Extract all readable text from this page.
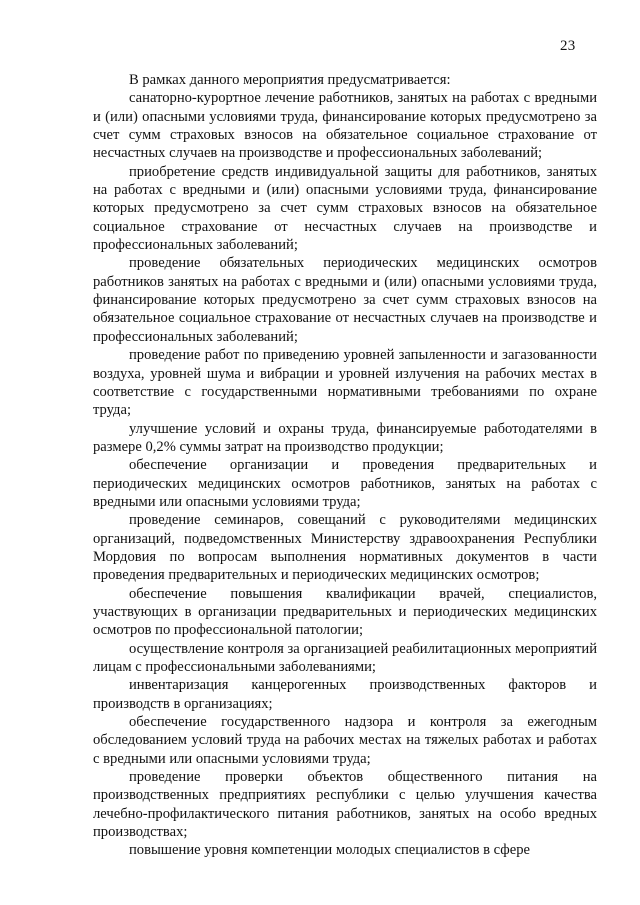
23

В рамках данного мероприятия предусматривается:

санаторно-курортное лечение работников, занятых на работах с вредными и (или) опасными условиями труда, финансирование которых предусмотрено за счет сумм страховых взносов на обязательное социальное страхование от несчастных случаев на производстве и профессиональных заболеваний;

приобретение средств индивидуальной защиты для работников, занятых на работах с вредными и (или) опасными условиями труда, финансирование которых предусмотрено за счет сумм страховых взносов на обязательное социальное страхование от несчастных случаев на производстве и профессиональных заболеваний;

проведение обязательных периодических медицинских осмотров работников занятых на работах с вредными и (или) опасными условиями труда, финансирование которых предусмотрено за счет сумм страховых взносов на обязательное социальное страхование от несчастных случаев на производстве и профессиональных заболеваний;

проведение работ по приведению уровней запыленности и загазованности воздуха, уровней шума и вибрации и уровней излучения на рабочих местах в соответствие с государственными нормативными требованиями по охране труда;

улучшение условий и охраны труда, финансируемые работодателями в размере 0,2% суммы затрат на производство продукции;

обеспечение организации и проведения предварительных и периодических медицинских осмотров работников, занятых на работах с вредными или опасными условиями труда;

проведение семинаров, совещаний с руководителями медицинских организаций, подведомственных Министерству здравоохранения Республики Мордовия по вопросам выполнения нормативных документов в части проведения предварительных и периодических медицинских осмотров;

обеспечение повышения квалификации врачей, специалистов, участвующих в организации предварительных и периодических медицинских осмотров по профессиональной патологии;

осуществление контроля за организацией реабилитационных мероприятий лицам с профессиональными заболеваниями;

инвентаризация канцерогенных производственных факторов и производств в организациях;

обеспечение государственного надзора и контроля за ежегодным обследованием условий труда на рабочих местах на тяжелых работах и работах с вредными или опасными условиями труда;

проведение проверки объектов общественного питания на производственных предприятиях республики с целью улучшения качества лечебно-профилактического питания работников, занятых на особо вредных производствах;

повышение уровня компетенции молодых специалистов в сфере
